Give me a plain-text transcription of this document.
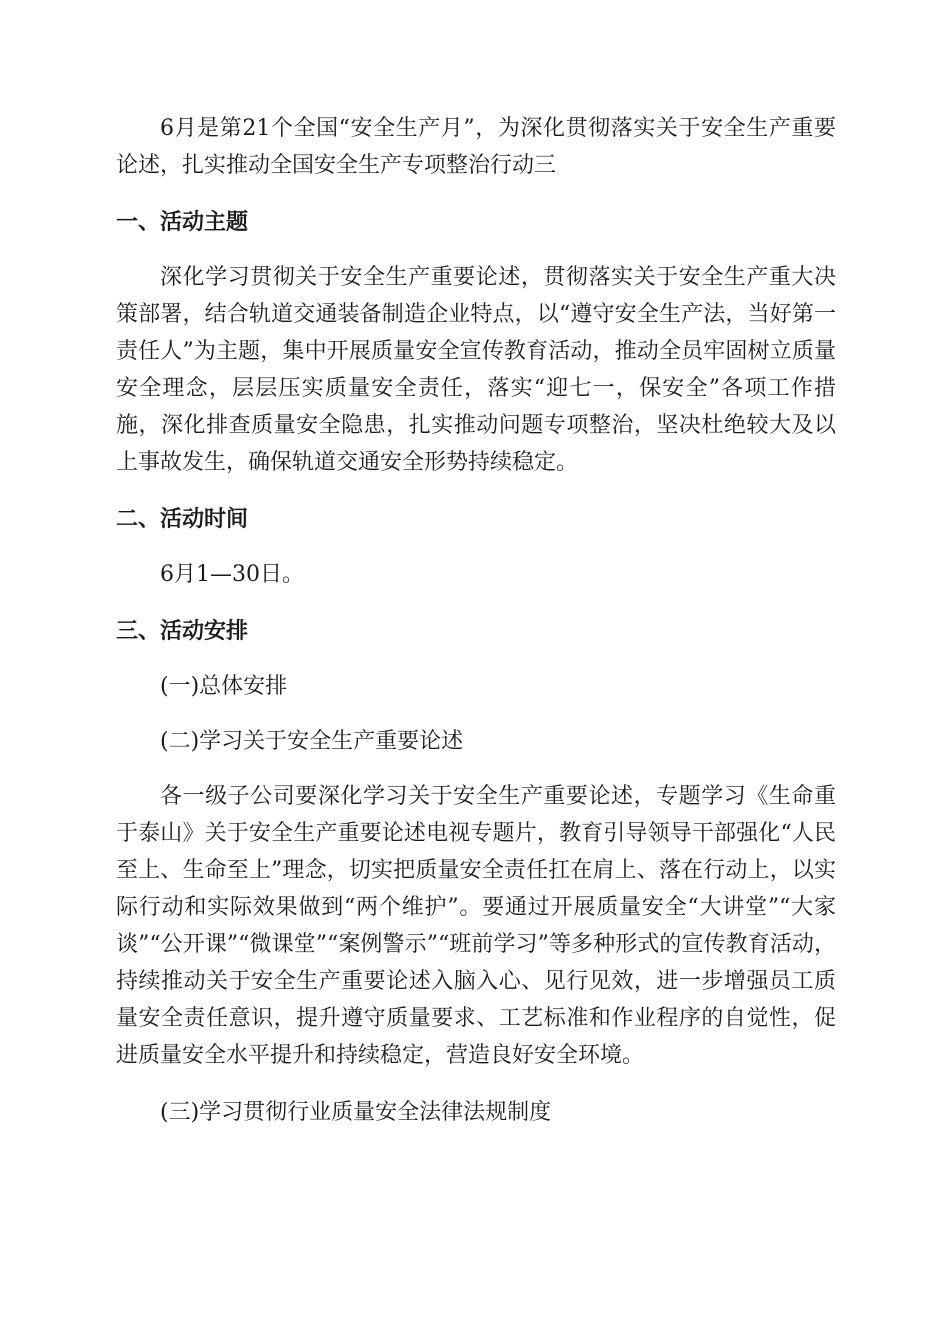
6月是第21个全国“安全生产月”，为深化贯彻落实关于安全生产重要论述，扎实推动全国安全生产专项整治行动三

一、活动主题

深化学习贯彻关于安全生产重要论述，贯彻落实关于安全生产重大决策部署，结合轨道交通装备制造企业特点，以“遵守安全生产法，当好第一责任人”为主题，集中开展质量安全宣传教育活动，推动全员牢固树立质量安全理念，层层压实质量安全责任，落实“迎七一，保安全”各项工作措施，深化排查质量安全隐患，扎实推动问题专项整治，坚决杜绝较大及以上事故发生，确保轨道交通安全形势持续稳定。

二、活动时间

6月1—30日。

三、活动安排

(一)总体安排

(二)学习关于安全生产重要论述

各一级子公司要深化学习关于安全生产重要论述，专题学习《生命重于泰山》关于安全生产重要论述电视专题片，教育引导领导干部强化“人民至上、生命至上”理念，切实把质量安全责任扛在肩上、落在行动上，以实际行动和实际效果做到“两个维护”。要通过开展质量安全“大讲堂”“大家谈”“公开课”“微课堂”“案例警示”“班前学习”等多种形式的宣传教育活动，持续推动关于安全生产重要论述入脑入心、见行见效，进一步增强员工质量安全责任意识，提升遵守质量要求、工艺标准和作业程序的自觉性，促进质量安全水平提升和持续稳定，营造良好安全环境。

(三)学习贯彻行业质量安全法律法规制度
